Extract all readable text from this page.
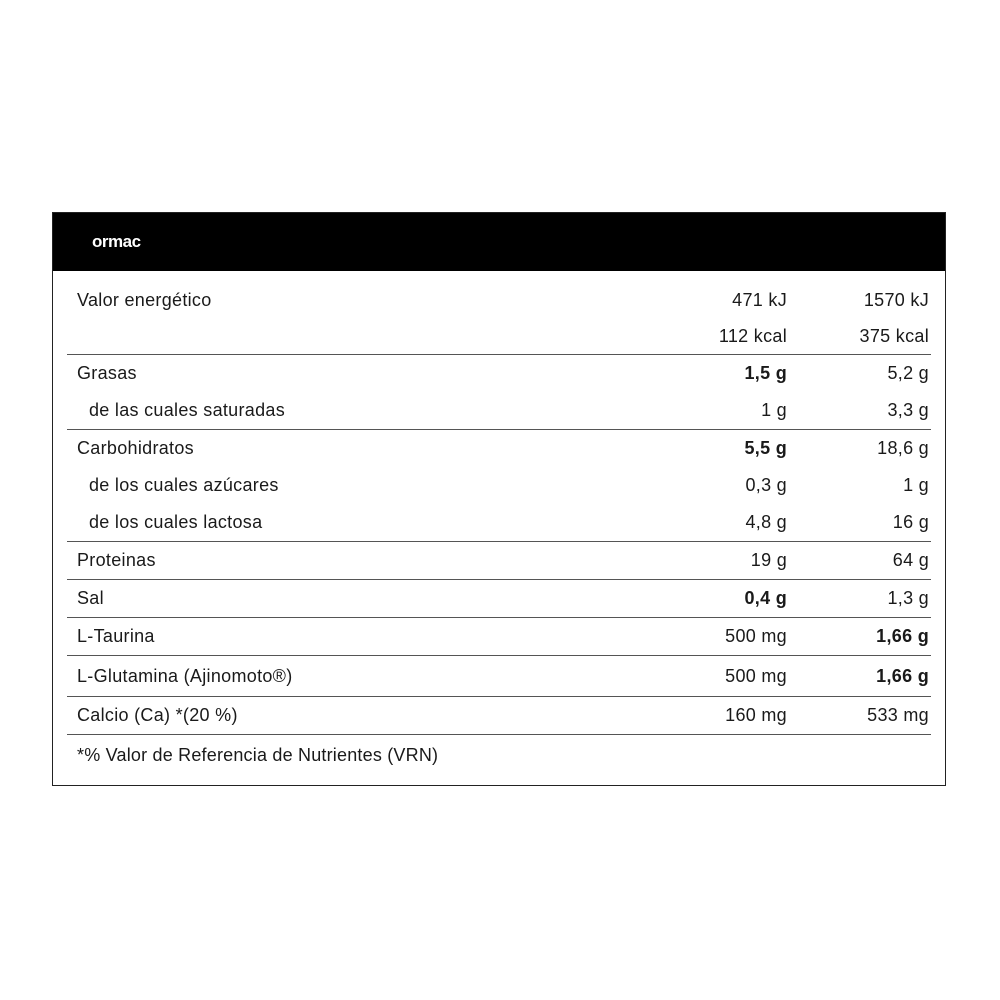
ormac
Valor energético	471 kJ	1570 kJ
112 kcal	375 kcal
Grasas	1,5 g	5,2 g
de las cuales saturadas	1 g	3,3 g
Carbohidratos	5,5 g	18,6 g
de los cuales azúcares	0,3 g	1 g
de los cuales lactosa	4,8 g	16 g
Proteinas	19 g	64 g
Sal	0,4 g	1,3 g
L-Taurina	500 mg	1,66 g
L-Glutamina (Ajinomoto®)	500 mg	1,66 g
Calcio (Ca) *(20 %)	160 mg	533 mg
*% Valor de Referencia de Nutrientes (VRN)
